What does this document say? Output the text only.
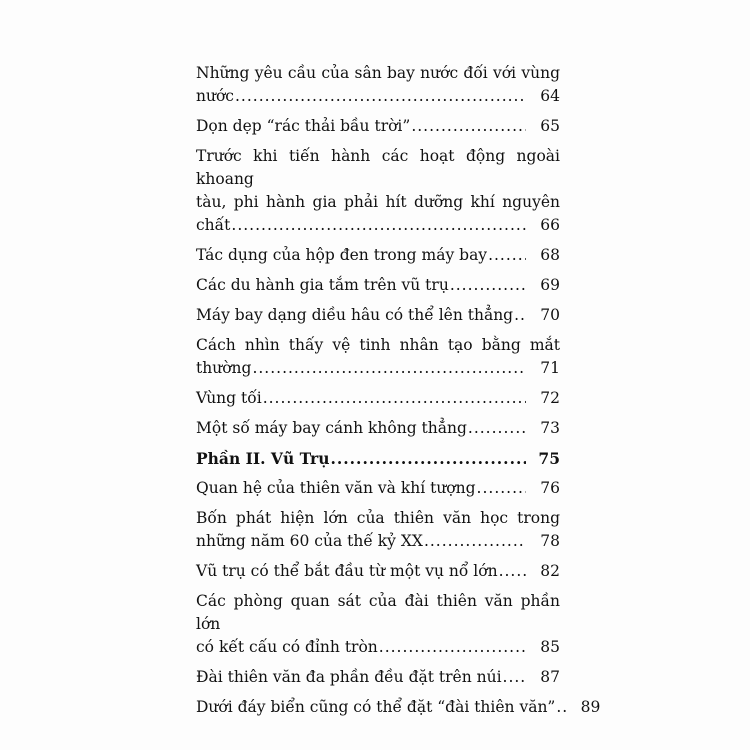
Những yêu cầu của sân bay nước đối với vùng
nước .....	64
Dọn dẹp “rác thải bầu trời” .....	65
Trước khi tiến hành các hoạt động ngoài khoang
tàu, phi hành gia phải hít dưỡng khí nguyên
chất .....	66
Tác dụng của hộp đen trong máy bay .....	68
Các du hành gia tắm trên vũ trụ .....	69
Máy bay dạng diều hâu có thể lên thẳng .....	70
Cách nhìn thấy vệ tinh nhân tạo bằng mắt
thường .....	71
Vùng tối .....	72
Một số máy bay cánh không thẳng .....	73
Phần II. Vũ Trụ .....	75
Quan hệ của thiên văn và khí tượng .....	76
Bốn phát hiện lớn của thiên văn học trong
những năm 60 của thế kỷ XX .....	78
Vũ trụ có thể bắt đầu từ một vụ nổ lớn .....	82
Các phòng quan sát của đài thiên văn phần lớn
có kết cấu có đỉnh tròn .....	85
Đài thiên văn đa phần đều đặt trên núi .....	87
Dưới đáy biển cũng có thể đặt “đài thiên văn” .....	89
